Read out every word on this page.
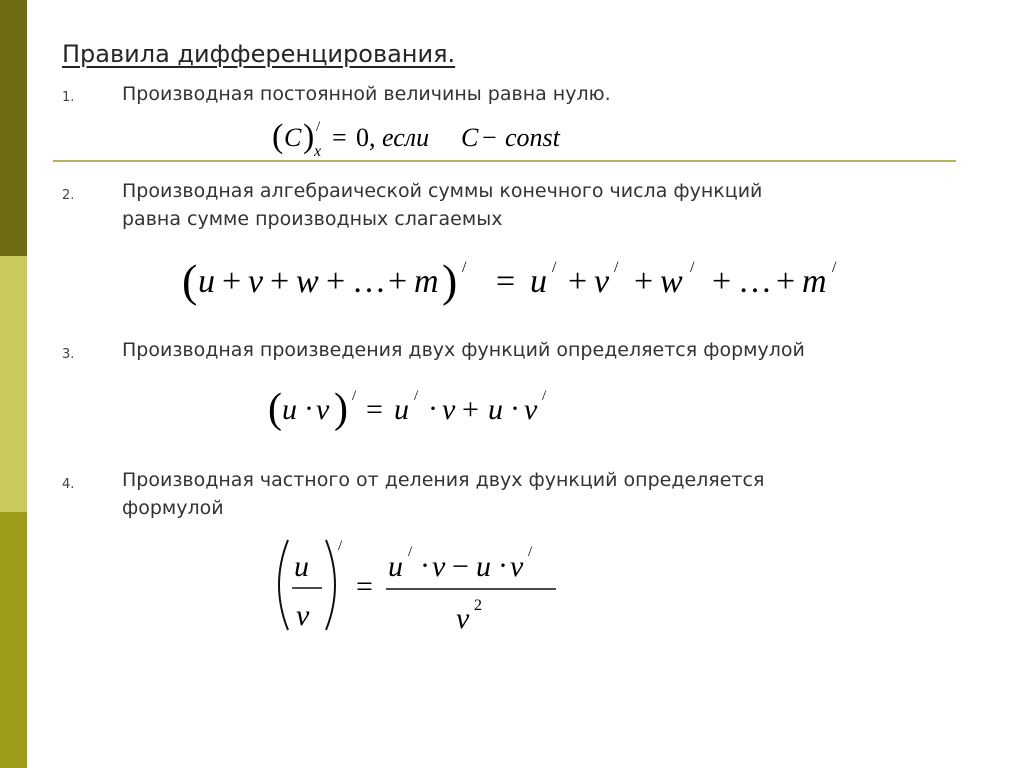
Правила дифференцирования.
1.	Производная постоянной величины равна нулю.
( C ) /
x = 0, если C − const
2.	Производная алгебраической суммы конечного числа функций
равна сумме производных слагаемых
( u + v + w + … + m ) / = u / + v / + w / + … + m /
3.	Производная произведения двух функций определяется формулой
( u · v ) / = u / · v + u · v /
4.	Производная частного от деления двух функций определяется
формулой
u
v
/
=
u / · v − u · v /
v 2
